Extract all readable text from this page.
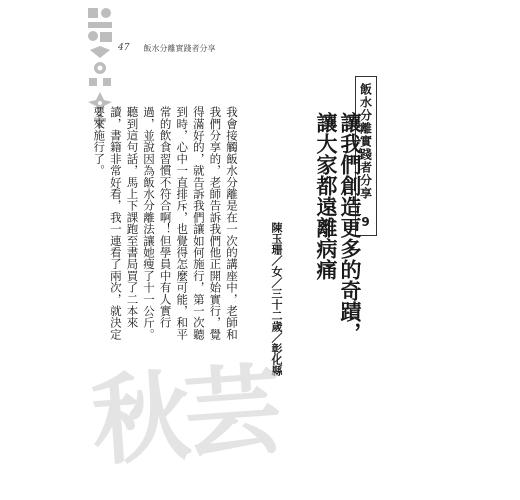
47 飯水分離實踐者分享
飯水分離實踐者分享 9
讓我們創造更多的奇蹟，
讓大家都遠離病痛
陳玉珊／女／三十二歲／彰化縣

我會接觸飯水分離是在一次的講座中，老師和我們分享的，老師告訴我們他正開始實行，覺得滿好的，就告訴我們讓如何施行，第一次聽到時，心中一直排斥，也覺得怎麼可能，和平常的飲食習慣不符合啊！但學員中有人實行過，並說因為飯水分離法讓她瘦了十一公斤。聽到這句話，馬上下課跑至書局買了二本來讀，書籍非常好看，我一連看了兩次，就決定要來施行了。

秋芸
